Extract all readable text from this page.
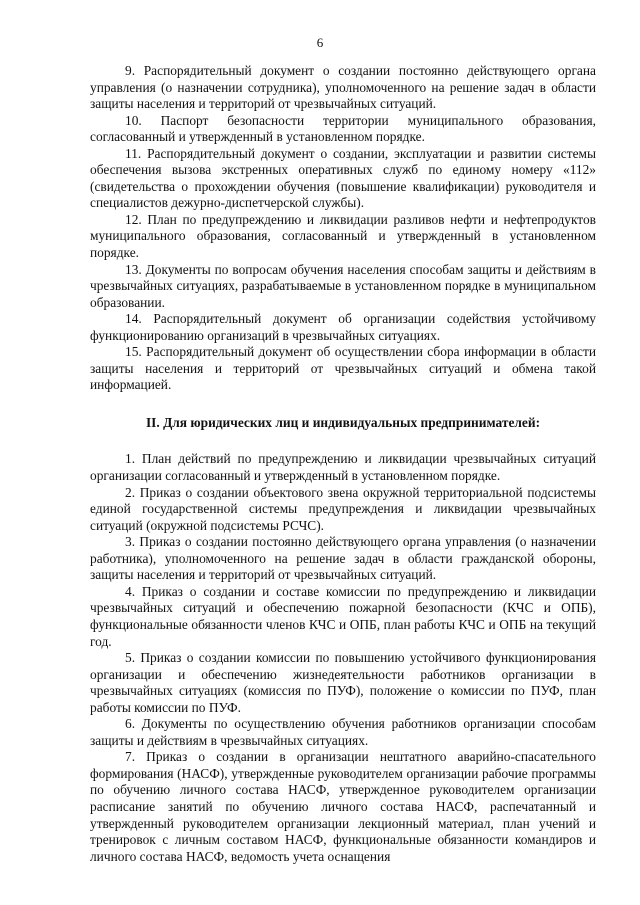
6

9. Распорядительный документ о создании постоянно действующего органа управления (о назначении сотрудника), уполномоченного на решение задач в области защиты населения и территорий от чрезвычайных ситуаций.

10. Паспорт безопасности территории муниципального образования, согласованный и утвержденный в установленном порядке.

11. Распорядительный документ о создании, эксплуатации и развитии системы обеспечения вызова экстренных оперативных служб по единому номеру «112» (свидетельства о прохождении обучения (повышение квалификации) руководителя и специалистов дежурно-диспетчерской службы).

12. План по предупреждению и ликвидации разливов нефти и нефтепродуктов муниципального образования, согласованный и утвержденный в установленном порядке.

13. Документы по вопросам обучения населения способам защиты и действиям в чрезвычайных ситуациях, разрабатываемые в установленном порядке в муниципальном образовании.

14. Распорядительный документ об организации содействия устойчивому функционированию организаций в чрезвычайных ситуациях.

15. Распорядительный документ об осуществлении сбора информации в области защиты населения и территорий от чрезвычайных ситуаций и обмена такой информацией.

II. Для юридических лиц и индивидуальных предпринимателей:

1. План действий по предупреждению и ликвидации чрезвычайных ситуаций организации согласованный и утвержденный в установленном порядке.

2. Приказ о создании объектового звена окружной территориальной подсистемы единой государственной системы предупреждения и ликвидации чрезвычайных ситуаций (окружной подсистемы РСЧС).

3. Приказ о создании постоянно действующего органа управления (о назначении работника), уполномоченного на решение задач в области гражданской обороны, защиты населения и территорий от чрезвычайных ситуаций.

4. Приказ о создании и составе комиссии по предупреждению и ликвидации чрезвычайных ситуаций и обеспечению пожарной безопасности (КЧС и ОПБ), функциональные обязанности членов КЧС и ОПБ, план работы КЧС и ОПБ на текущий год.

5. Приказ о создании комиссии по повышению устойчивого функционирования организации и обеспечению жизнедеятельности работников организации в чрезвычайных ситуациях (комиссия по ПУФ), положение о комиссии по ПУФ, план работы комиссии по ПУФ.

6. Документы по осуществлению обучения работников организации способам защиты и действиям в чрезвычайных ситуациях.

7. Приказ о создании в организации нештатного аварийно-спасательного формирования (НАСФ), утвержденные руководителем организации рабочие программы по обучению личного состава НАСФ, утвержденное руководителем организации расписание занятий по обучению личного состава НАСФ, распечатанный и утвержденный руководителем организации лекционный материал, план учений и тренировок с личным составом НАСФ, функциональные обязанности командиров и личного состава НАСФ, ведомость учета оснащения
